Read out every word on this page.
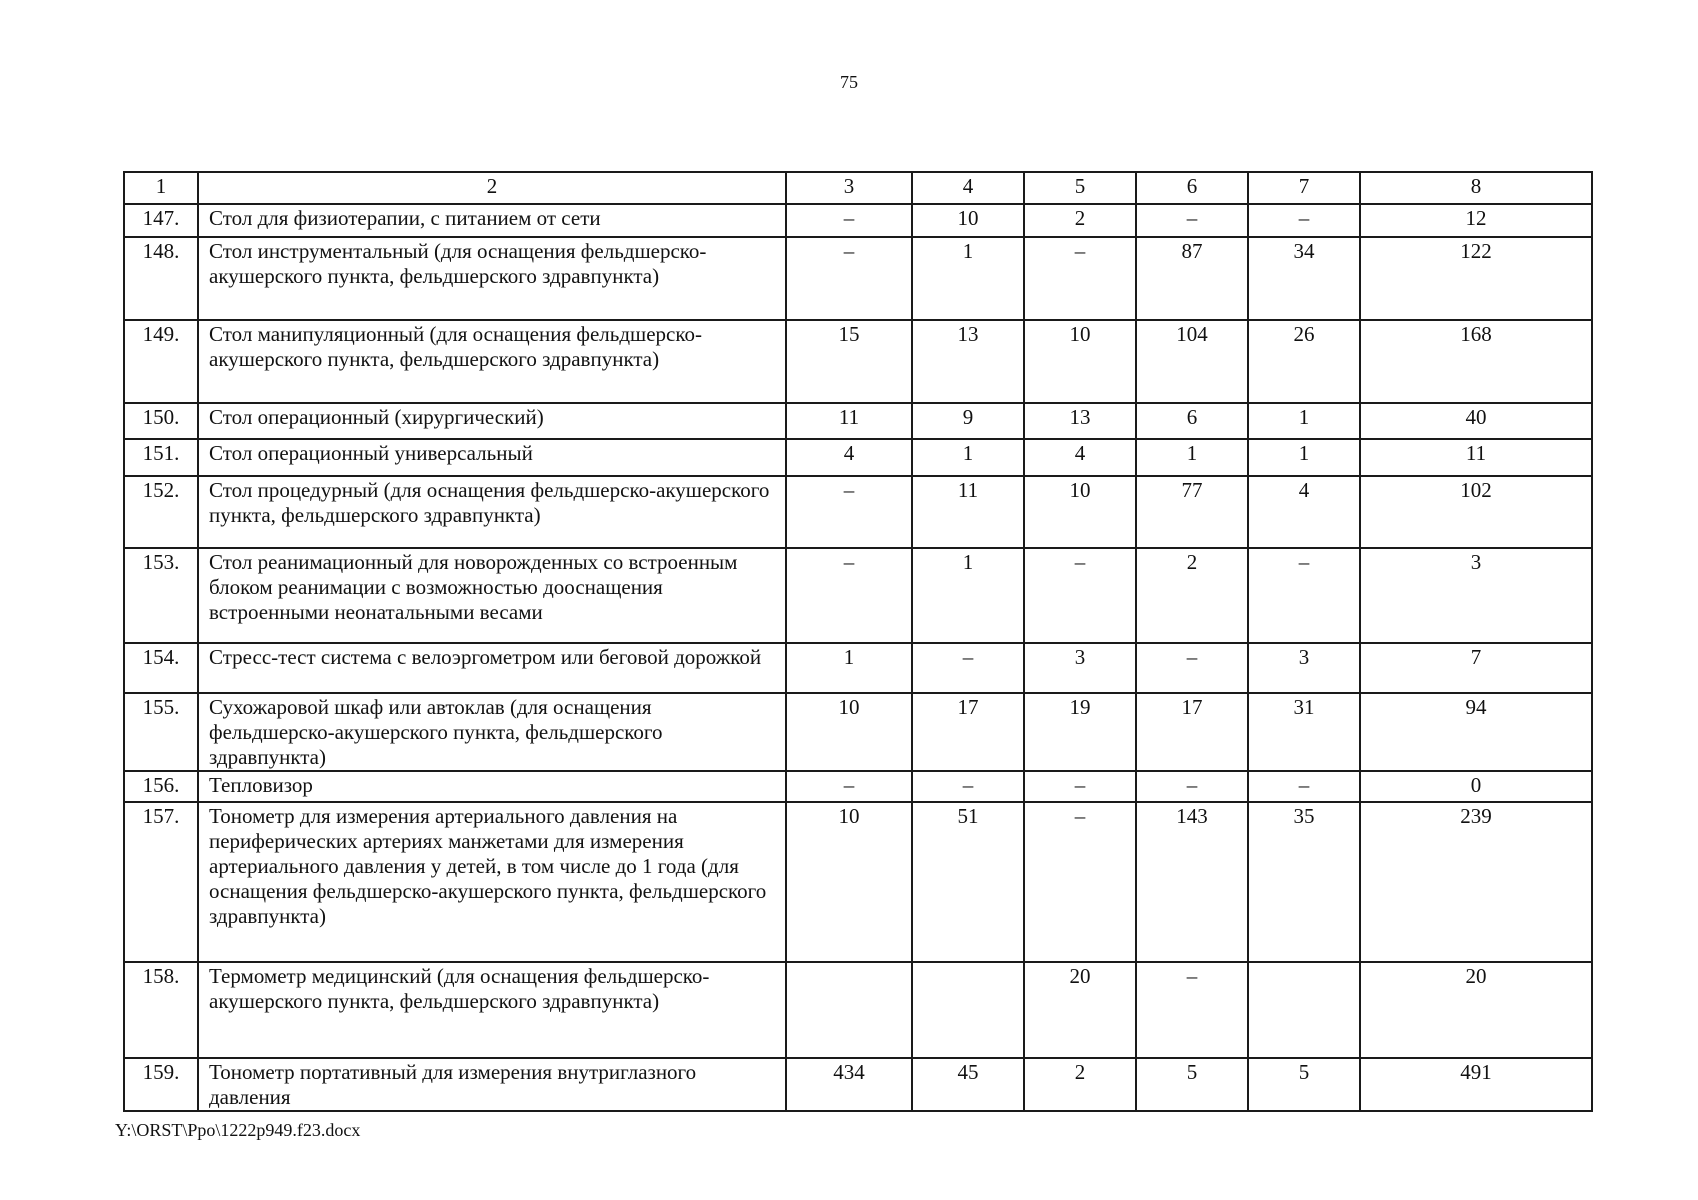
75
1	2	3	4	5	6	7	8
147.	Стол для физиотерапии, с питанием от сети	–	10	2	–	–	12
148.	Стол инструментальный (для оснащения фельдшерско-акушерского пункта, фельдшерского здравпункта)	–	1	–	87	34	122
149.	Стол манипуляционный (для оснащения фельдшерско-акушерского пункта, фельдшерского здравпункта)	15	13	10	104	26	168
150.	Стол операционный (хирургический)	11	9	13	6	1	40
151.	Стол операционный универсальный	4	1	4	1	1	11
152.	Стол процедурный (для оснащения фельдшерско-акушерского пункта, фельдшерского здравпункта)	–	11	10	77	4	102
153.	Стол реанимационный для новорожденных со встроенным блоком реанимации с возможностью дооснащения встроенными неонатальными весами	–	1	–	2	–	3
154.	Стресс-тест система с велоэргометром или беговой дорожкой	1	–	3	–	3	7
155.	Сухожаровой шкаф или автоклав (для оснащения фельдшерско-акушерского пункта, фельдшерского здравпункта)	10	17	19	17	31	94
156.	Тепловизор	–	–	–	–	–	0
157.	Тонометр для измерения артериального давления на периферических артериях манжетами для измерения артериального давления у детей, в том числе до 1 года (для оснащения фельдшерско-акушерского пункта, фельдшерского здравпункта)	10	51	–	143	35	239
158.	Термометр медицинский (для оснащения фельдшерско-акушерского пункта, фельдшерского здравпункта)			20	–		20
159.	Тонометр портативный для измерения внутриглазного давления	434	45	2	5	5	491
Y:\ORST\Ppo\1222p949.f23.docx
